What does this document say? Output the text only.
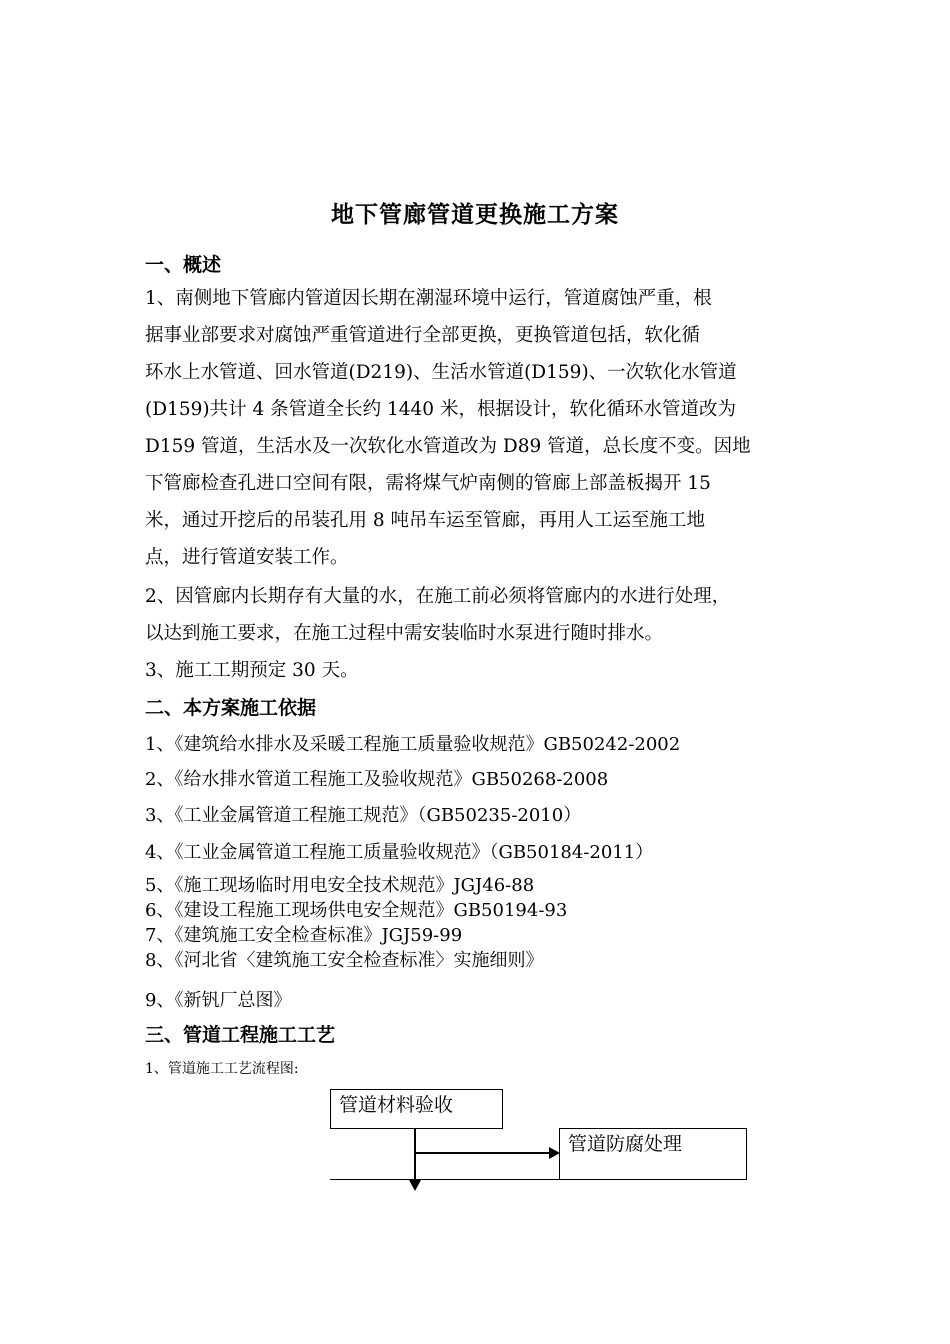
地下管廊管道更换施工方案
一、概述
1、南侧地下管廊内管道因长期在潮湿环境中运行，管道腐蚀严重，根
据事业部要求对腐蚀严重管道进行全部更换，更换管道包括，软化循
环水上水管道、回水管道(D219)、生活水管道(D159)、一次软化水管道
(D159)共计 4 条管道全长约 1440 米，根据设计，软化循环水管道改为
D159 管道，生活水及一次软化水管道改为 D89 管道，总长度不变。因地
下管廊检查孔进口空间有限，需将煤气炉南侧的管廊上部盖板揭开 15
米，通过开挖后的吊装孔用 8 吨吊车运至管廊，再用人工运至施工地
点，进行管道安装工作。
2、因管廊内长期存有大量的水，在施工前必须将管廊内的水进行处理，
以达到施工要求，在施工过程中需安装临时水泵进行随时排水。
3、施工工期预定 30 天。
二、本方案施工依据
1、《建筑给水排水及采暖工程施工质量验收规范》GB50242-2002
2、《给水排水管道工程施工及验收规范》GB50268-2008
3、《工业金属管道工程施工规范》（GB50235-2010）
4、《工业金属管道工程施工质量验收规范》（GB50184-2011）
5、《施工现场临时用电安全技术规范》JGJ46-88
6、《建设工程施工现场供电安全规范》GB50194-93
7、《建筑施工安全检查标准》JGJ59-99
8、《河北省〈建筑施工安全检查标准〉实施细则》
9、《新钒厂总图》
三、管道工程施工工艺
1、管道施工工艺流程图:
管道材料验收
管道防腐处理
